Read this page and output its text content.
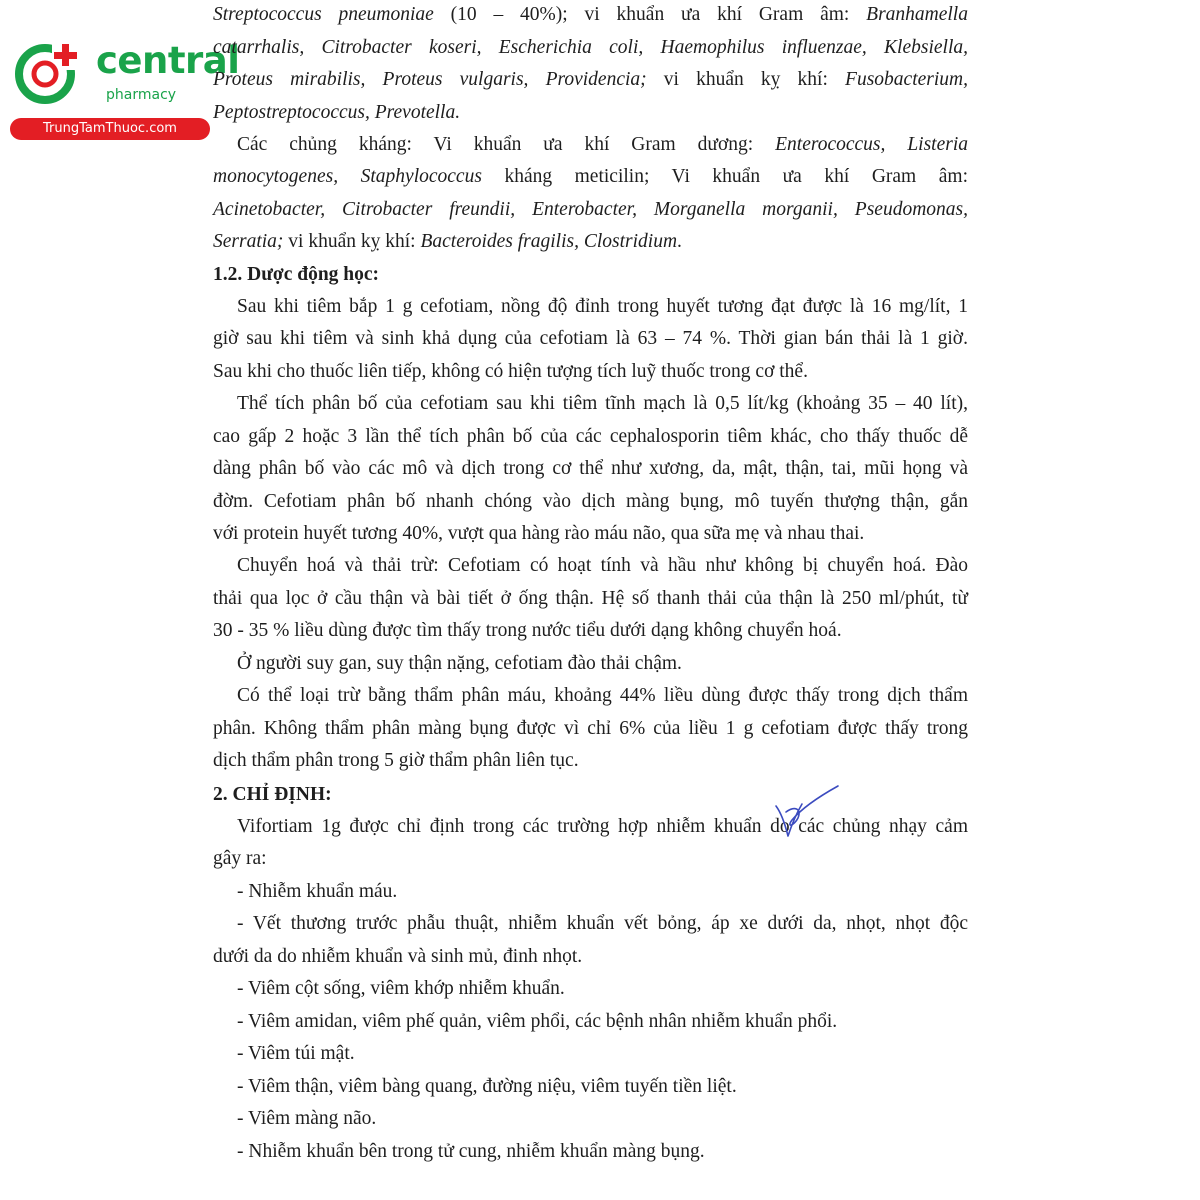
central
pharmacy
TrungTamThuoc.com
Streptococcus pneumoniae (10 – 40%); vi khuẩn ưa khí Gram âm: Branhamella
catarrhalis, Citrobacter koseri, Escherichia coli, Haemophilus influenzae, Klebsiella,
Proteus mirabilis, Proteus vulgaris, Providencia; vi khuẩn kỵ khí: Fusobacterium,
Peptostreptococcus, Prevotella.
Các chủng kháng: Vi khuẩn ưa khí Gram dương: Enterococcus, Listeria
monocytogenes, Staphylococcus kháng meticilin; Vi khuẩn ưa khí Gram âm:
Acinetobacter, Citrobacter freundii, Enterobacter, Morganella morganii, Pseudomonas,
Serratia; vi khuẩn kỵ khí: Bacteroides fragilis, Clostridium.
1.2. Dược động học:
Sau khi tiêm bắp 1 g cefotiam, nồng độ đỉnh trong huyết tương đạt được là 16 mg/lít, 1
giờ sau khi tiêm và sinh khả dụng của cefotiam là 63 – 74 %. Thời gian bán thải là 1 giờ.
Sau khi cho thuốc liên tiếp, không có hiện tượng tích luỹ thuốc trong cơ thể.
Thể tích phân bố của cefotiam sau khi tiêm tĩnh mạch là 0,5 lít/kg (khoảng 35 – 40 lít),
cao gấp 2 hoặc 3 lần thể tích phân bố của các cephalosporin tiêm khác, cho thấy thuốc dễ
dàng phân bố vào các mô và dịch trong cơ thể như xương, da, mật, thận, tai, mũi họng và
đờm. Cefotiam phân bố nhanh chóng vào dịch màng bụng, mô tuyến thượng thận, gắn
với protein huyết tương 40%, vượt qua hàng rào máu não, qua sữa mẹ và nhau thai.
Chuyển hoá và thải trừ: Cefotiam có hoạt tính và hầu như không bị chuyển hoá. Đào
thải qua lọc ở cầu thận và bài tiết ở ống thận. Hệ số thanh thải của thận là 250 ml/phút, từ
30 - 35 % liều dùng được tìm thấy trong nước tiểu dưới dạng không chuyển hoá.
Ở người suy gan, suy thận nặng, cefotiam đào thải chậm.
Có thể loại trừ bằng thẩm phân máu, khoảng 44% liều dùng được thấy trong dịch thẩm
phân. Không thẩm phân màng bụng được vì chỉ 6% của liều 1 g cefotiam được thấy trong
dịch thẩm phân trong 5 giờ thẩm phân liên tục.
2. CHỈ ĐỊNH:
Vifortiam 1g được chỉ định trong các trường hợp nhiễm khuẩn do các chủng nhạy cảm
gây ra:
- Nhiễm khuẩn máu.
- Vết thương trước phẫu thuật, nhiễm khuẩn vết bỏng, áp xe dưới da, nhọt, nhọt độc
dưới da do nhiễm khuẩn và sinh mủ, đinh nhọt.
- Viêm cột sống, viêm khớp nhiễm khuẩn.
- Viêm amidan, viêm phế quản, viêm phổi, các bệnh nhân nhiễm khuẩn phổi.
- Viêm túi mật.
- Viêm thận, viêm bàng quang, đường niệu, viêm tuyến tiền liệt.
- Viêm màng não.
- Nhiễm khuẩn bên trong tử cung, nhiễm khuẩn màng bụng.
